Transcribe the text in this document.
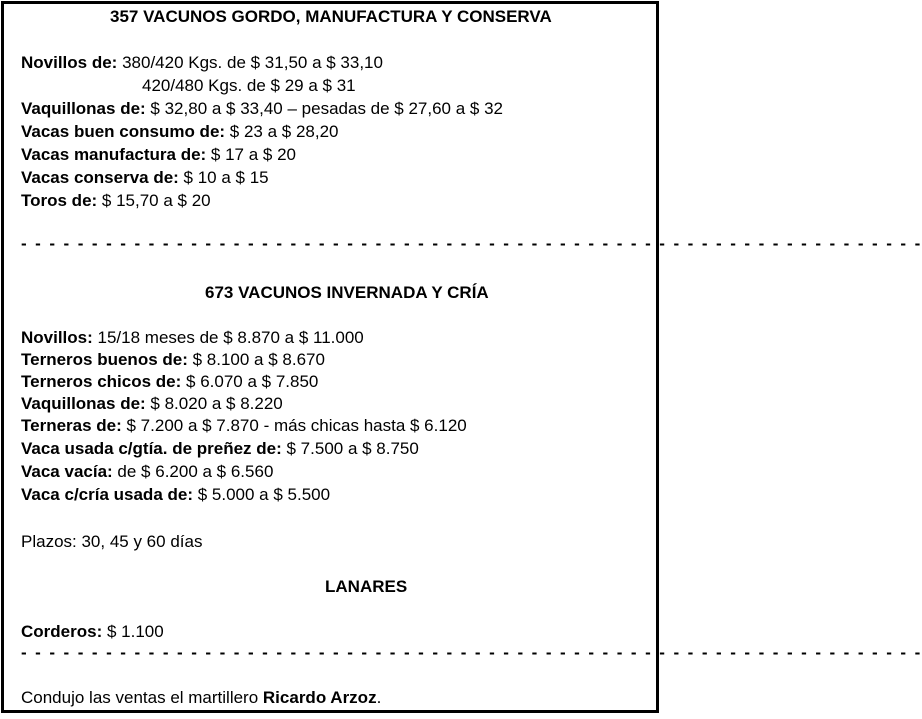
357 VACUNOS GORDO, MANUFACTURA Y CONSERVA
Novillos de: 380/420 Kgs. de $ 31,50 a $ 33,10
420/480 Kgs. de $ 29 a $ 31
Vaquillonas de: $ 32,80 a $ 33,40 – pesadas de $ 27,60 a $ 32
Vacas buen consumo de: $ 23 a $ 28,20
Vacas manufactura de: $ 17 a $ 20
Vacas conserva de: $ 10 a $ 15
Toros de: $ 15,70 a $ 20
- - - - - - - - - - - - - - - - - - - - - - - - - - - - - - - - - - - - - - - - - - - - - - - - - - - - - - - - - - - - - - - -
673 VACUNOS INVERNADA Y CRÍA
Novillos: 15/18 meses de $ 8.870 a $ 11.000
Terneros buenos de: $ 8.100 a $ 8.670
Terneros chicos de: $ 6.070 a $ 7.850
Vaquillonas de: $ 8.020 a $ 8.220
Terneras de: $ 7.200 a $ 7.870 - más chicas hasta $ 6.120
Vaca usada c/gtía. de preñez de: $ 7.500 a $ 8.750
Vaca vacía: de $ 6.200 a $ 6.560
Vaca c/cría usada de: $ 5.000 a $ 5.500
Plazos: 30, 45 y 60 días
LANARES
Corderos: $ 1.100
- - - - - - - - - - - - - - - - - - - - - - - - - - - - - - - - - - - - - - - - - - - - - - - - - - - - - - - - - - - - - - - -
Condujo las ventas el martillero Ricardo Arzoz.
